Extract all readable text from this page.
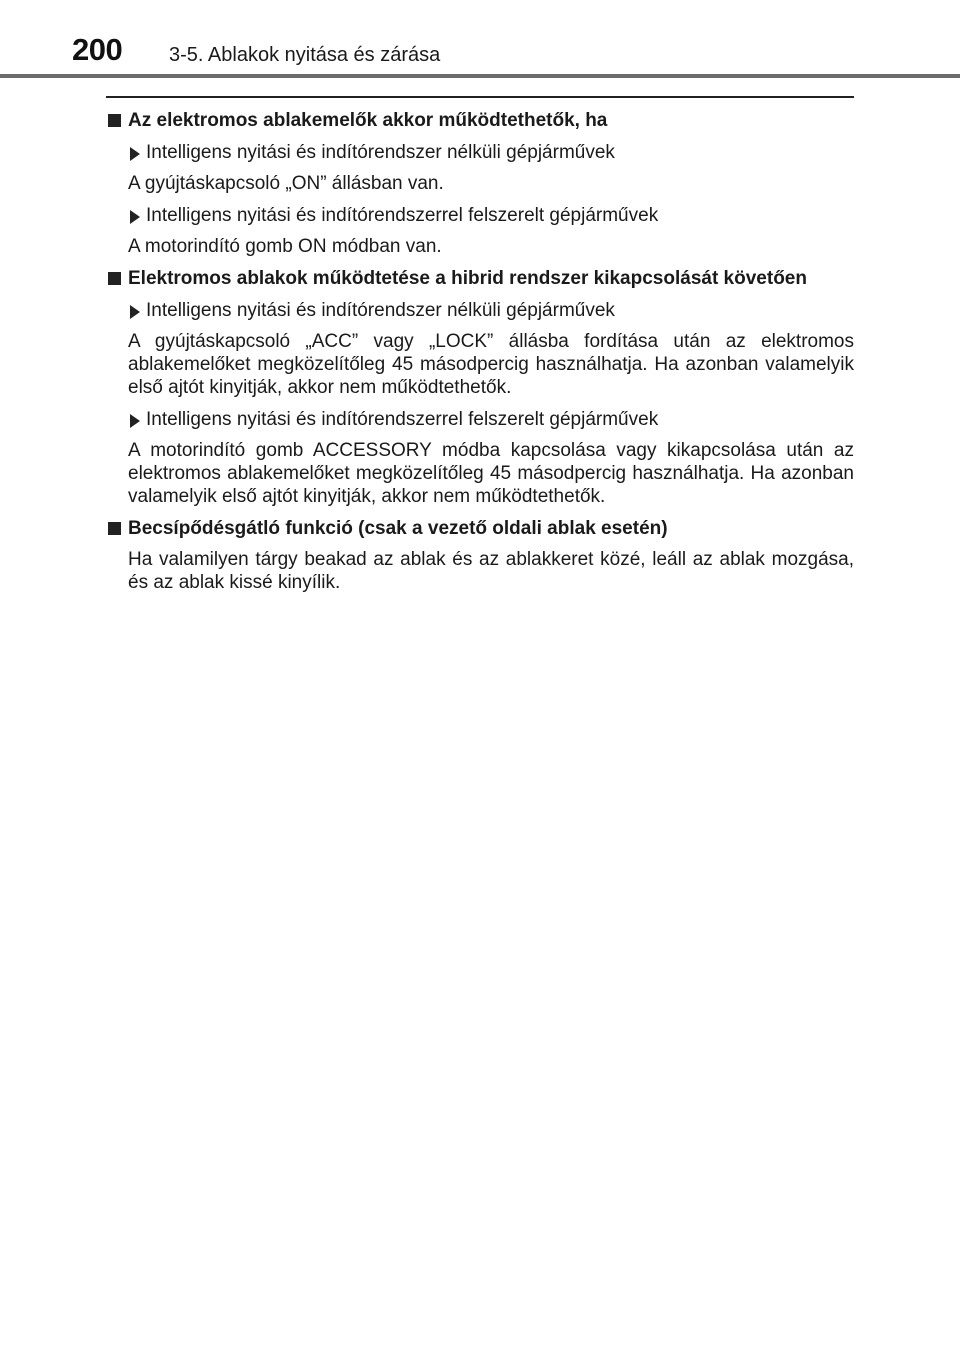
200 3-5. Ablakok nyitása és zárása
Az elektromos ablakemelők akkor működtethetők, ha
Intelligens nyitási és indítórendszer nélküli gépjárművek
A gyújtáskapcsoló „ON” állásban van.
Intelligens nyitási és indítórendszerrel felszerelt gépjárművek
A motorindító gomb ON módban van.
Elektromos ablakok működtetése a hibrid rendszer kikapcsolását követően
Intelligens nyitási és indítórendszer nélküli gépjárművek
A gyújtáskapcsoló „ACC” vagy „LOCK” állásba fordítása után az elektromos ablakemelőket megközelítőleg 45 másodpercig használhatja. Ha azonban valamelyik első ajtót kinyitják, akkor nem működtethetők.
Intelligens nyitási és indítórendszerrel felszerelt gépjárművek
A motorindító gomb ACCESSORY módba kapcsolása vagy kikapcsolása után az elektromos ablakemelőket megközelítőleg 45 másodpercig használhatja. Ha azonban valamelyik első ajtót kinyitják, akkor nem működtethetők.
Becsípődésgátló funkció (csak a vezető oldali ablak esetén)
Ha valamilyen tárgy beakad az ablak és az ablakkeret közé, leáll az ablak mozgása, és az ablak kissé kinyílik.
